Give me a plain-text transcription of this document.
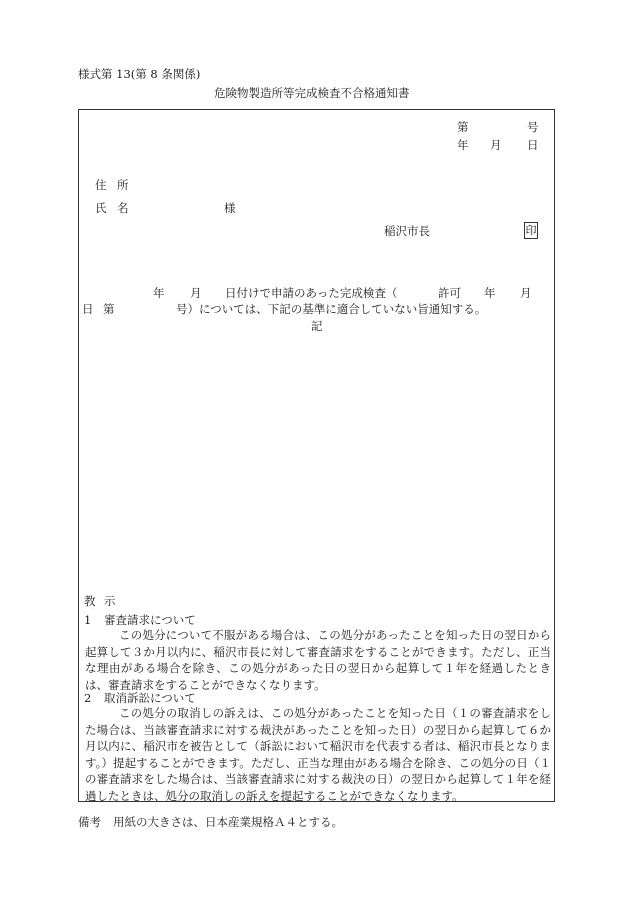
様式第 13(第 8 条関係)
危険物製造所等完成検査不合格通知書
第	号
年 月 日
住 所
氏 名	様
稲沢市長	印
年 月 日付けで申請のあった完成検査（	許可 年 月
日 第	号）については、下記の基準に適合していない旨通知する。
記
教 示
1 審査請求について
この処分について不服がある場合は、この処分があったことを知った日の翌日から起算して３か月以内に、稲沢市長に対して審査請求をすることができます。ただし、正当な理由がある場合を除き、この処分があった日の翌日から起算して１年を経過したときは、審査請求をすることができなくなります。
2 取消訴訟について
この処分の取消しの訴えは、この処分があったことを知った日（１の審査請求をした場合は、当該審査請求に対する裁決があったことを知った日）の翌日から起算して６か月以内に、稲沢市を被告として（訴訟において稲沢市を代表する者は、稲沢市長となります。）提起することができます。ただし、正当な理由がある場合を除き、この処分の日（１の審査請求をした場合は、当該審査請求に対する裁決の日）の翌日から起算して１年を経過したときは、処分の取消しの訴えを提起することができなくなります。
備考 用紙の大きさは、日本産業規格Ａ４とする。
